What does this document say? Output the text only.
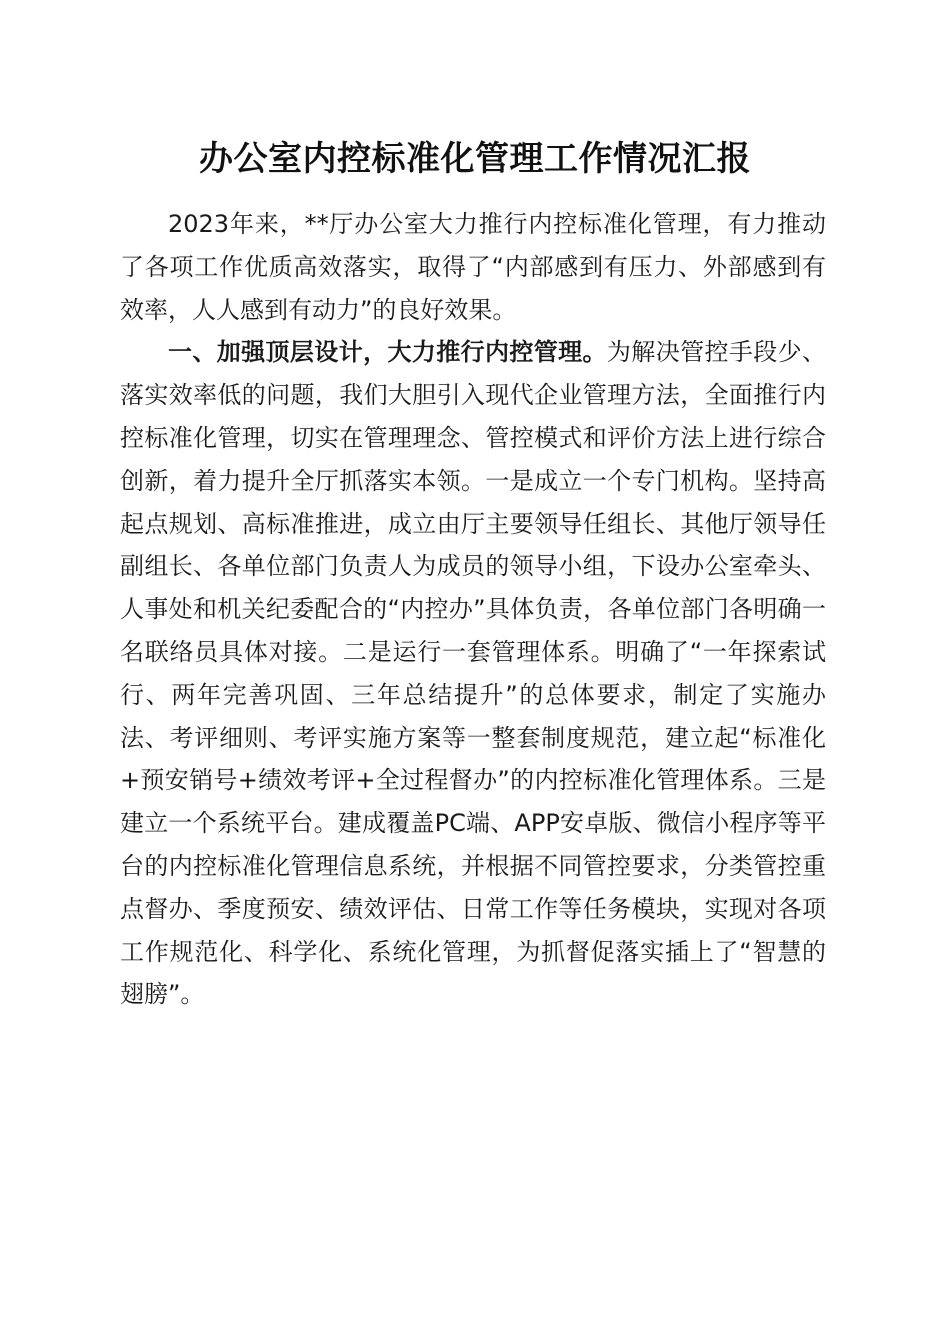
办公室内控标准化管理工作情况汇报

2023年来，**厅办公室大力推行内控标准化管理，有力推动了各项工作优质高效落实，取得了“内部感到有压力、外部感到有效率，人人感到有动力”的良好效果。

一、加强顶层设计，大力推行内控管理。为解决管控手段少、落实效率低的问题，我们大胆引入现代企业管理方法，全面推行内控标准化管理，切实在管理理念、管控模式和评价方法上进行综合创新，着力提升全厅抓落实本领。一是成立一个专门机构。坚持高起点规划、高标准推进，成立由厅主要领导任组长、其他厅领导任副组长、各单位部门负责人为成员的领导小组，下设办公室牵头、人事处和机关纪委配合的“内控办”具体负责，各单位部门各明确一名联络员具体对接。二是运行一套管理体系。明确了“一年探索试行、两年完善巩固、三年总结提升”的总体要求，制定了实施办法、考评细则、考评实施方案等一整套制度规范，建立起“标准化+预安销号+绩效考评+全过程督办”的内控标准化管理体系。三是建立一个系统平台。建成覆盖PC端、APP安卓版、微信小程序等平台的内控标准化管理信息系统，并根据不同管控要求，分类管控重点督办、季度预安、绩效评估、日常工作等任务模块，实现对各项工作规范化、科学化、系统化管理，为抓督促落实插上了“智慧的翅膀”。
